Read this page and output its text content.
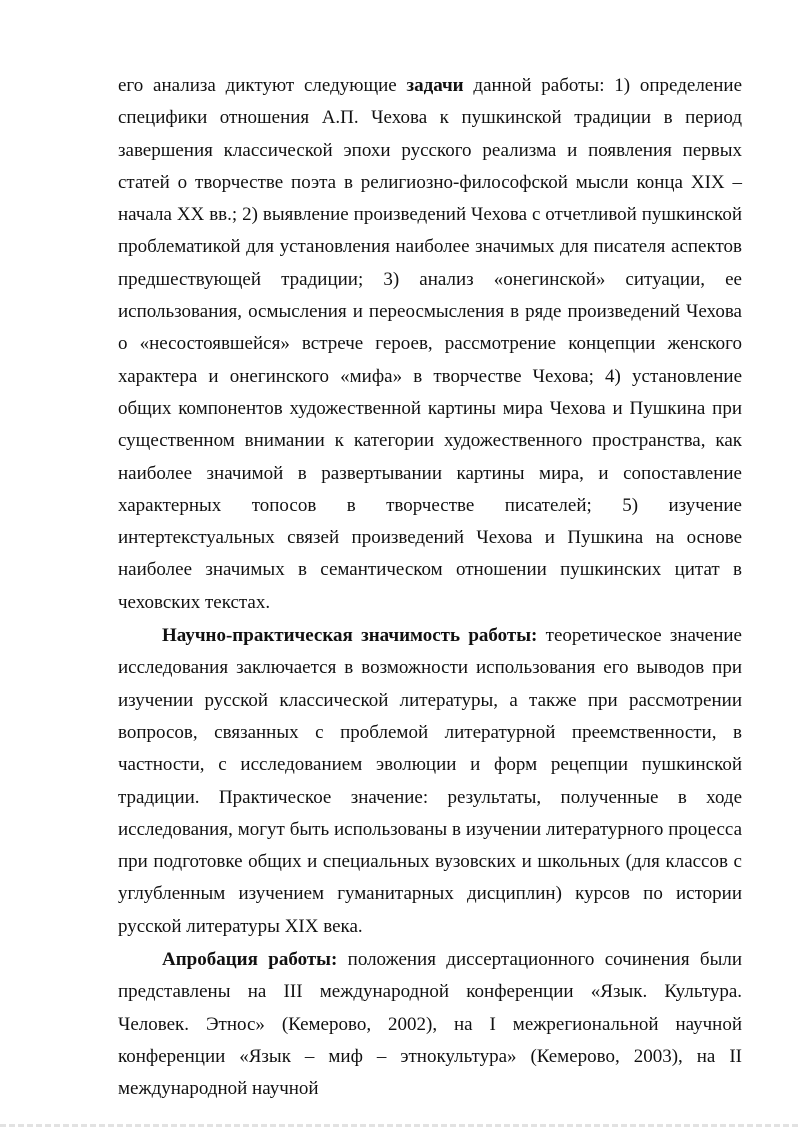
его анализа диктуют следующие задачи данной работы: 1) определение специфики отношения А.П. Чехова к пушкинской традиции в период завершения классической эпохи русского реализма и появления первых статей о творчестве поэта в религиозно-философской мысли конца XIX – начала XX вв.; 2) выявление произведений Чехова с отчетливой пушкинской проблематикой для установления наиболее значимых для писателя аспектов предшествующей традиции; 3) анализ «онегинской» ситуации, ее использования, осмысления и переосмысления в ряде произведений Чехова о «несостоявшейся» встрече героев, рассмотрение концепции женского характера и онегинского «мифа» в творчестве Чехова; 4) установление общих компонентов художественной картины мира Чехова и Пушкина при существенном внимании к категории художественного пространства, как наиболее значимой в развертывании картины мира, и сопоставление характерных топосов в творчестве писателей; 5) изучение интертекстуальных связей произведений Чехова и Пушкина на основе наиболее значимых в семантическом отношении пушкинских цитат в чеховских текстах.

Научно-практическая значимость работы: теоретическое значение исследования заключается в возможности использования его выводов при изучении русской классической литературы, а также при рассмотрении вопросов, связанных с проблемой литературной преемственности, в частности, с исследованием эволюции и форм рецепции пушкинской традиции. Практическое значение: результаты, полученные в ходе исследования, могут быть использованы в изучении литературного процесса при подготовке общих и специальных вузовских и школьных (для классов с углубленным изучением гуманитарных дисциплин) курсов по истории русской литературы XIX века.

Апробация работы: положения диссертационного сочинения были представлены на III международной конференции «Язык. Культура. Человек. Этнос» (Кемерово, 2002), на I межрегиональной научной конференции «Язык – миф – этнокультура» (Кемерово, 2003), на II международной научной
